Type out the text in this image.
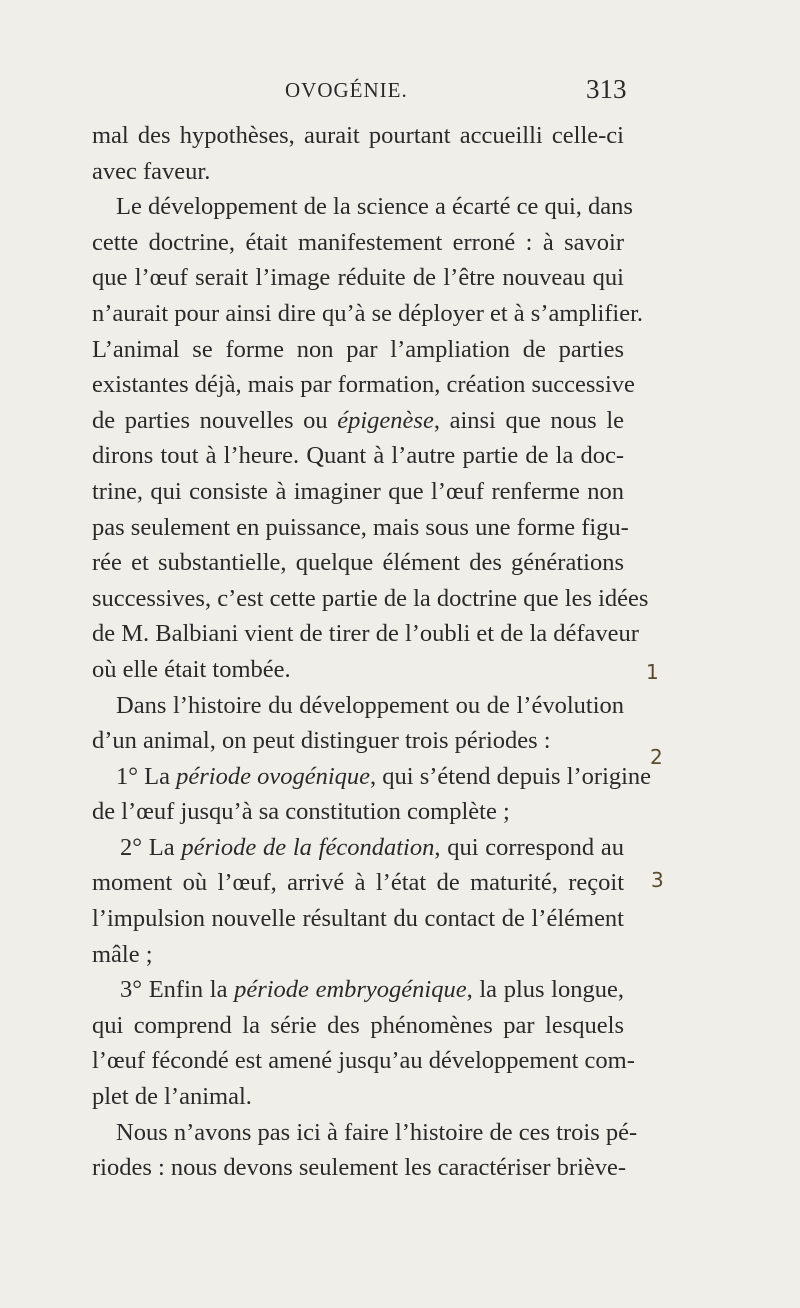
OVOGÉNIE.	313
mal des hypothèses, aurait pourtant accueilli celle-ci
avec faveur.
Le développement de la science a écarté ce qui, dans
cette doctrine, était manifestement erroné : à savoir
que l’œuf serait l’image réduite de l’être nouveau qui
n’aurait pour ainsi dire qu’à se déployer et à s’amplifier.
L’animal se forme non par l’ampliation de parties
existantes déjà, mais par formation, création successive
de parties nouvelles ou épigenèse, ainsi que nous le
dirons tout à l’heure. Quant à l’autre partie de la doc-
trine, qui consiste à imaginer que l’œuf renferme non
pas seulement en puissance, mais sous une forme figu-
rée et substantielle, quelque élément des générations
successives, c’est cette partie de la doctrine que les idées
de M. Balbiani vient de tirer de l’oubli et de la défaveur
où elle était tombée.
Dans l’histoire du développement ou de l’évolution
d’un animal, on peut distinguer trois périodes :
1° La période ovogénique, qui s’étend depuis l’origine
de l’œuf jusqu’à sa constitution complète ;
2° La période de la fécondation, qui correspond au
moment où l’œuf, arrivé à l’état de maturité, reçoit
l’impulsion nouvelle résultant du contact de l’élément
mâle ;
3° Enfin la période embryogénique, la plus longue,
qui comprend la série des phénomènes par lesquels
l’œuf fécondé est amené jusqu’au développement com-
plet de l’animal.
Nous n’avons pas ici à faire l’histoire de ces trois pé-
riodes : nous devons seulement les caractériser briève-
1
2
3
